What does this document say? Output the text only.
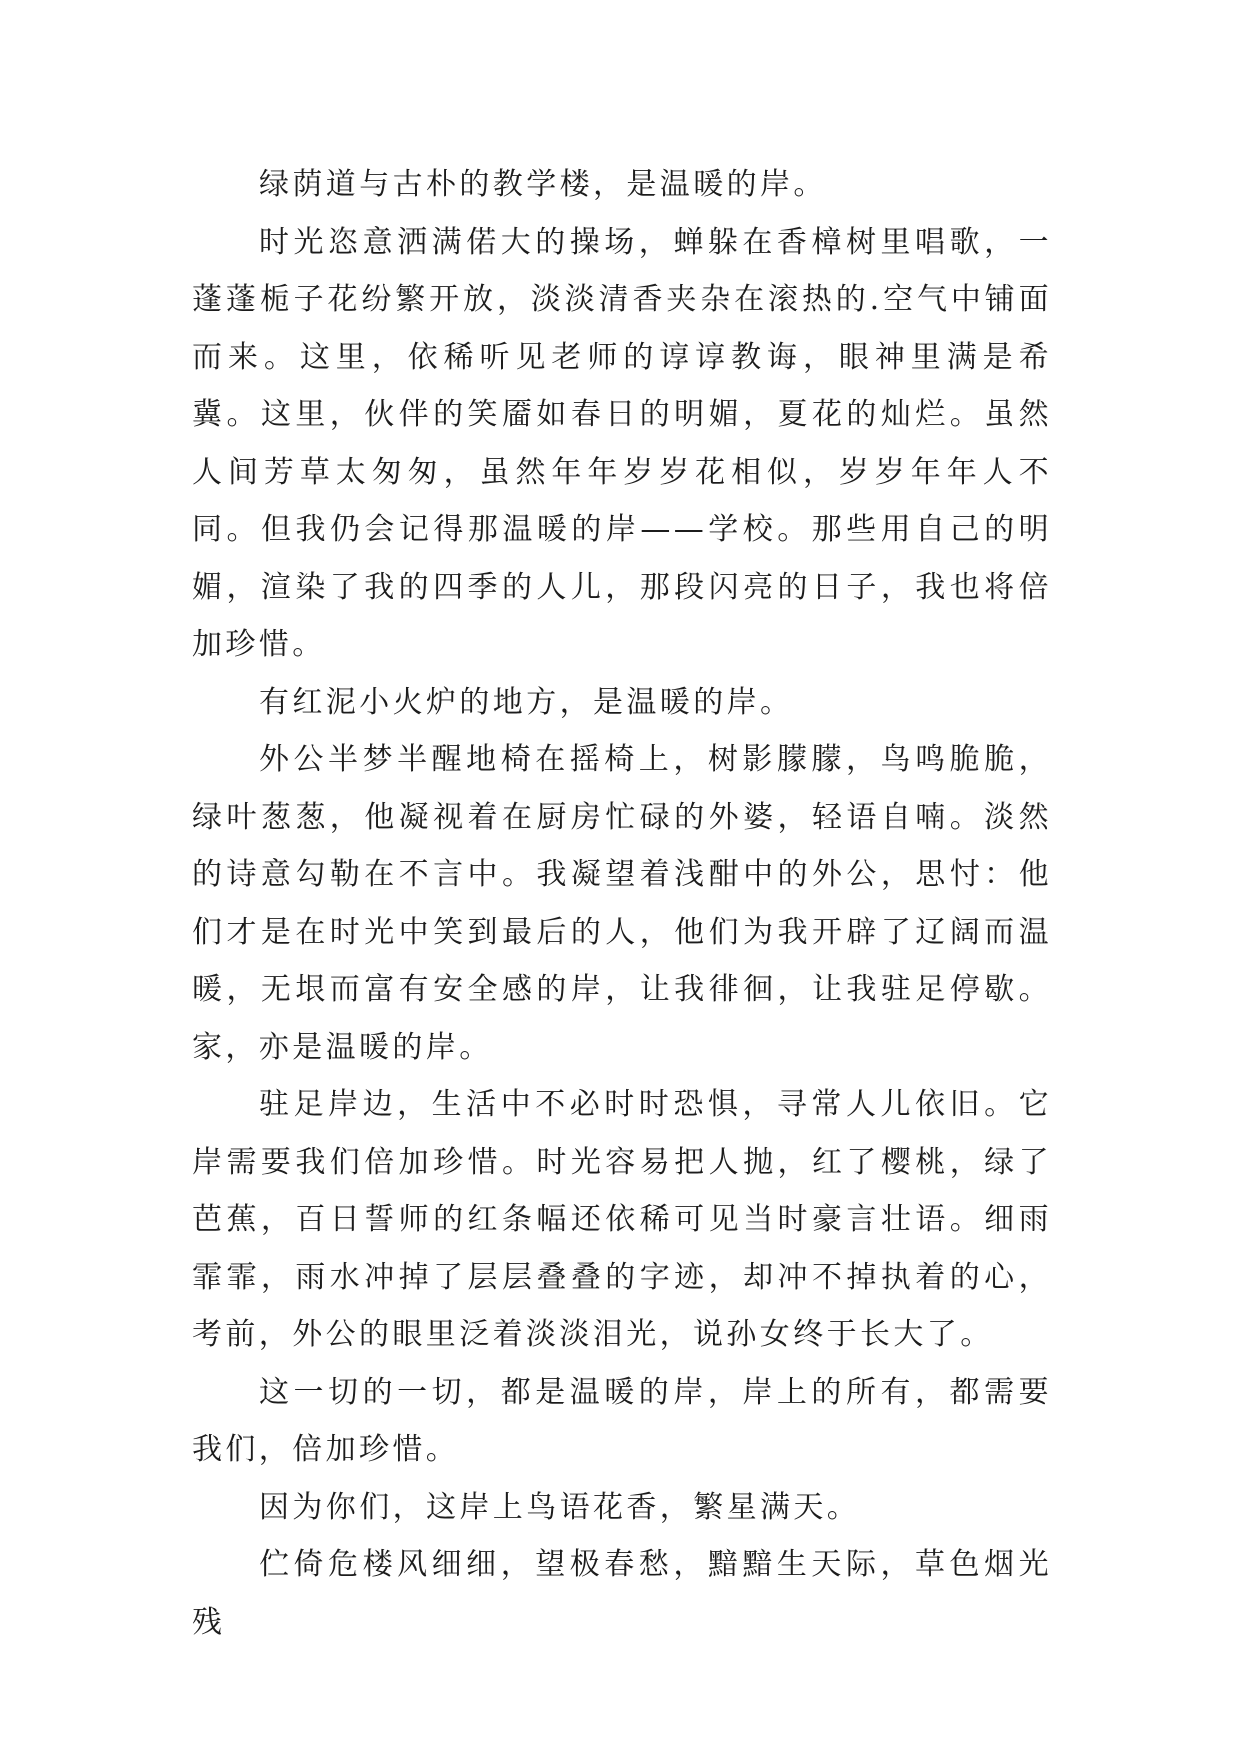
绿荫道与古朴的教学楼，是温暖的岸。

时光恣意洒满偌大的操场，蝉躲在香樟树里唱歌，一蓬蓬栀子花纷繁开放，淡淡清香夹杂在滚热的.空气中铺面而来。这里，依稀听见老师的谆谆教诲，眼神里满是希冀。这里，伙伴的笑靥如春日的明媚，夏花的灿烂。虽然人间芳草太匆匆，虽然年年岁岁花相似，岁岁年年人不同。但我仍会记得那温暖的岸——学校。那些用自己的明媚，渲染了我的四季的人儿，那段闪亮的日子，我也将倍加珍惜。

有红泥小火炉的地方，是温暖的岸。

外公半梦半醒地椅在摇椅上，树影朦朦，鸟鸣脆脆，绿叶葱葱，他凝视着在厨房忙碌的外婆，轻语自喃。淡然的诗意勾勒在不言中。我凝望着浅酣中的外公，思忖：他们才是在时光中笑到最后的人，他们为我开辟了辽阔而温暖，无垠而富有安全感的岸，让我徘徊，让我驻足停歇。家，亦是温暖的岸。

驻足岸边，生活中不必时时恐惧，寻常人儿依旧。它岸需要我们倍加珍惜。时光容易把人抛，红了樱桃，绿了芭蕉，百日誓师的红条幅还依稀可见当时豪言壮语。细雨霏霏，雨水冲掉了层层叠叠的字迹，却冲不掉执着的心，考前，外公的眼里泛着淡淡泪光，说孙女终于长大了。

这一切的一切，都是温暖的岸，岸上的所有，都需要我们，倍加珍惜。

因为你们，这岸上鸟语花香，繁星满天。

伫倚危楼风细细，望极春愁，黯黯生天际，草色烟光残
